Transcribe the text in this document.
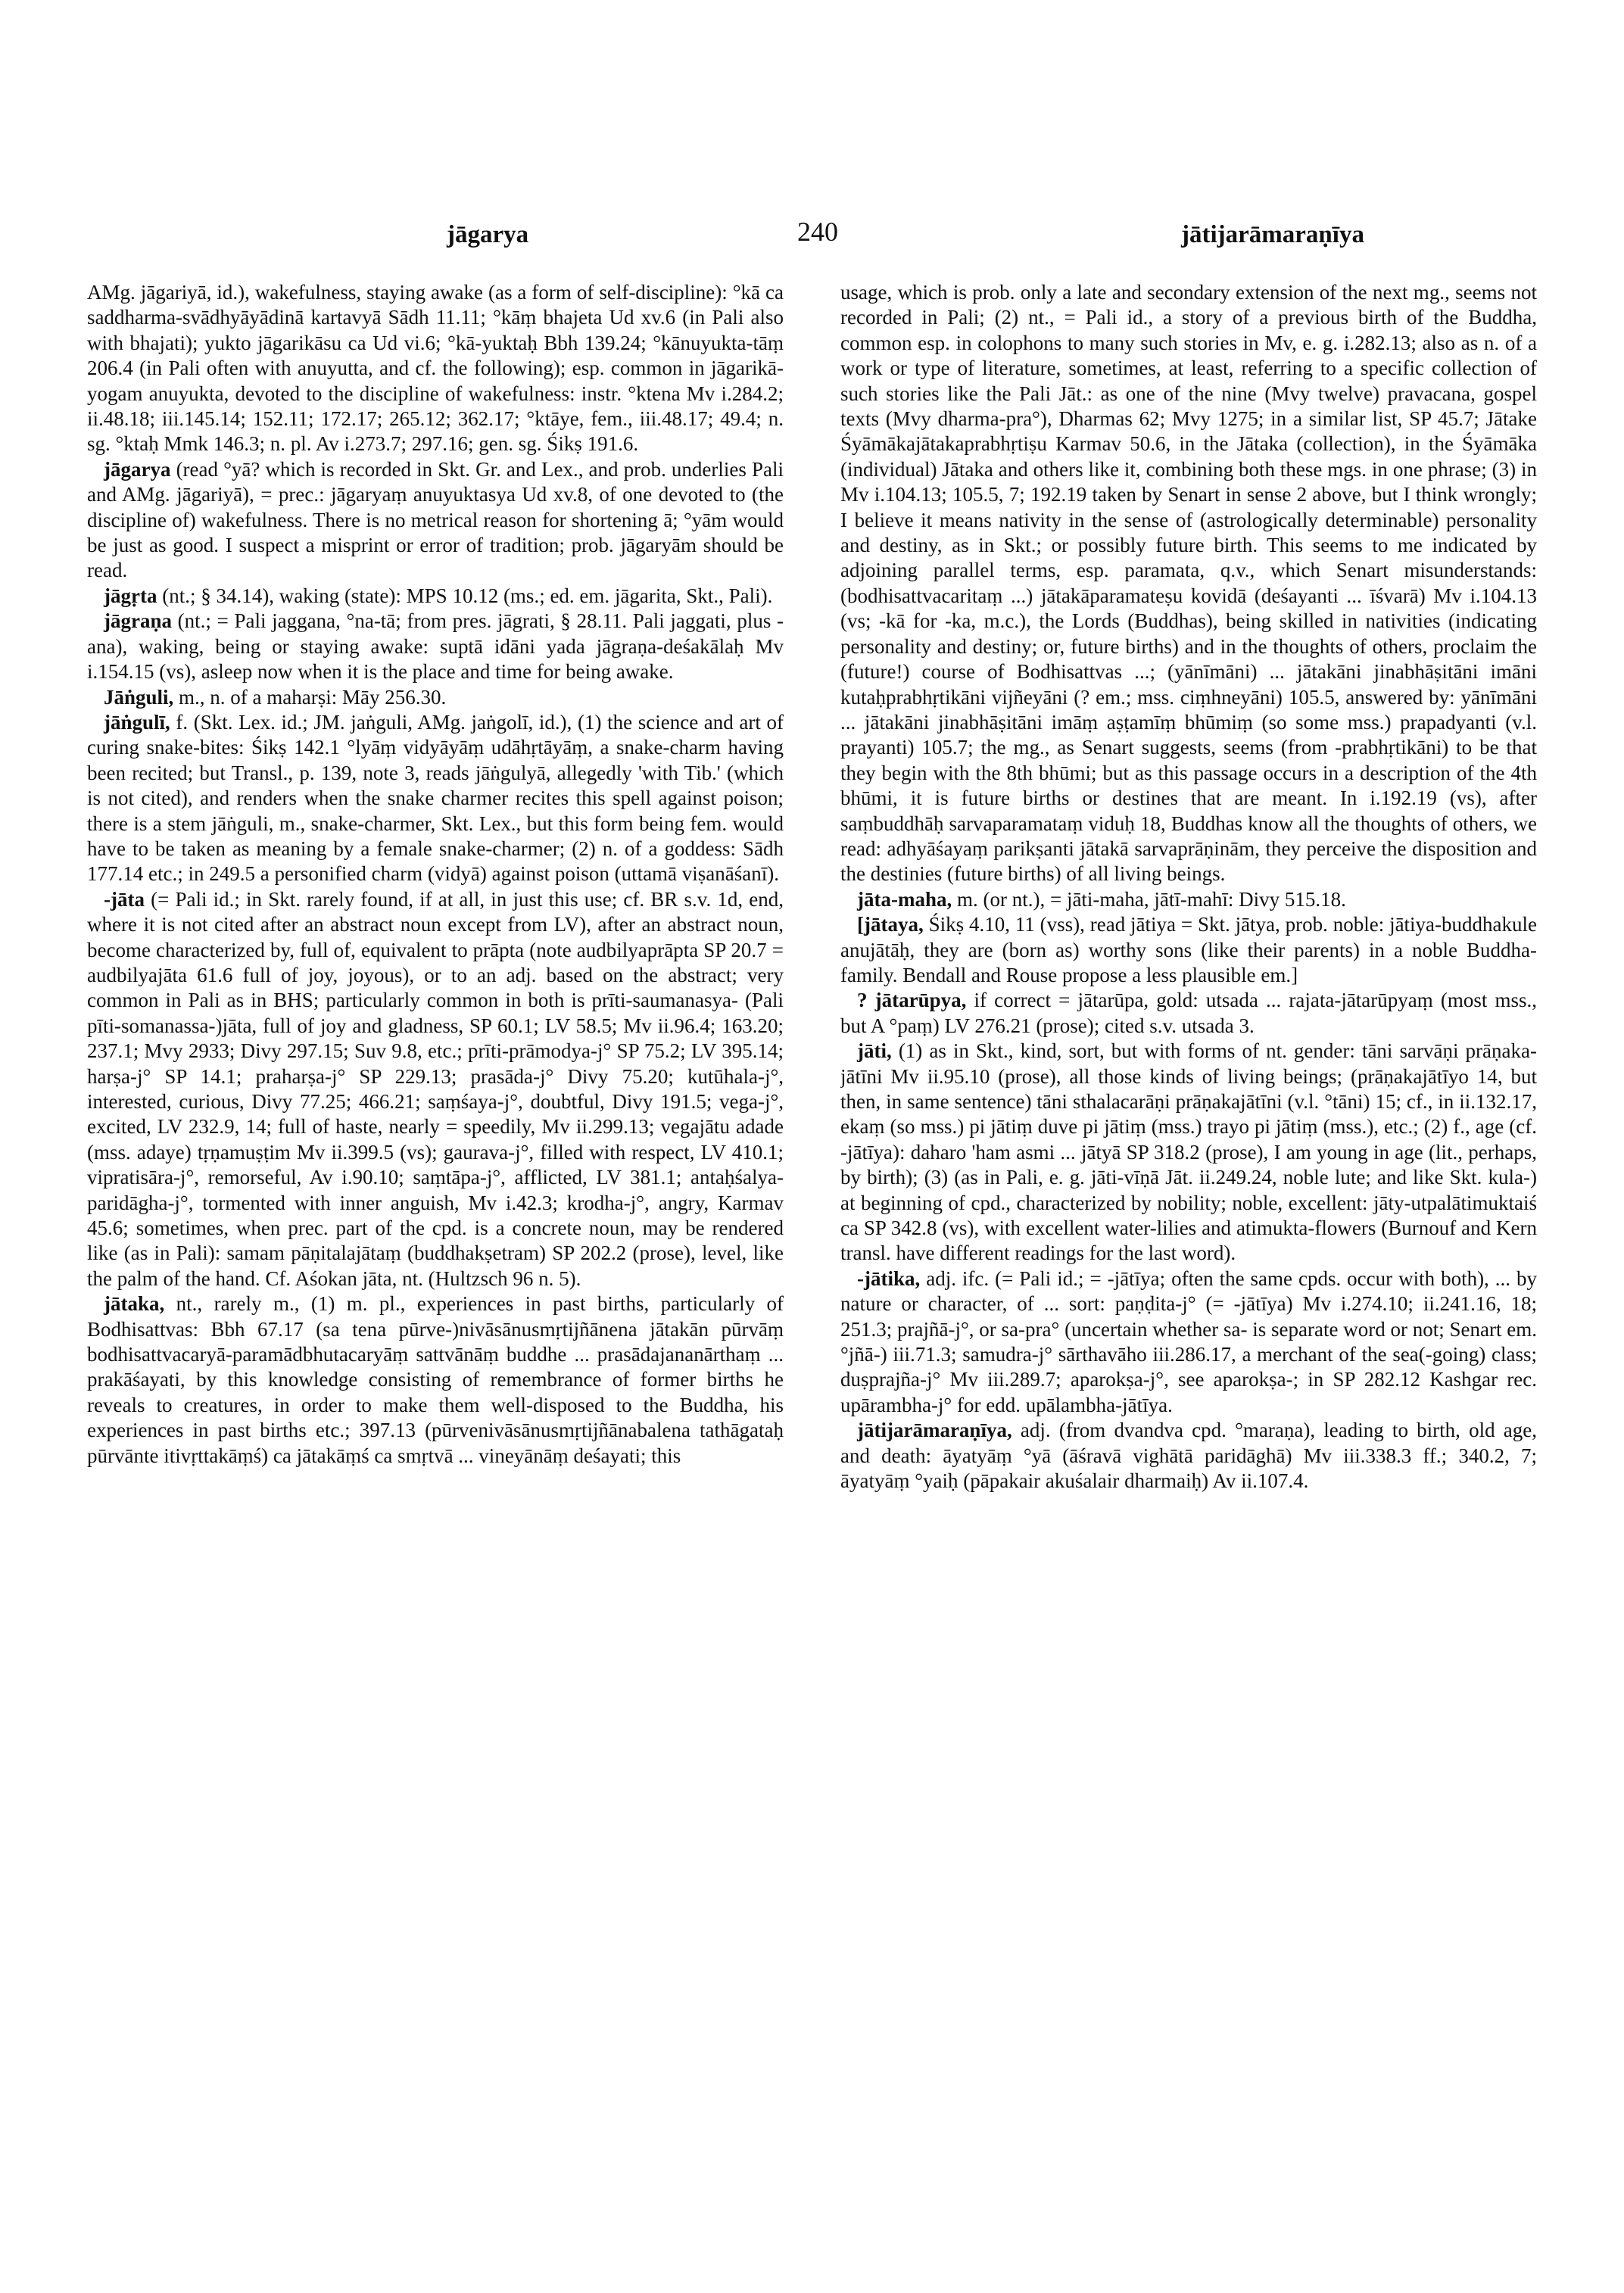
jāgarya	240	jātijarāmaraṇīya

AMg. jāgariyā, id.), wakefulness, staying awake (as a form of self-discipline): °kā ca saddharma-svādhyāyādinā kartavyā Sādh 11.11; °kāṃ bhajeta Ud xv.6 (in Pali also with bhajati); yukto jāgarikāsu ca Ud vi.6; °kā-yuktaḥ Bbh 139.24; °kānuyukta-tāṃ 206.4 (in Pali often with anuyutta, and cf. the following); esp. common in jāgarikā-yogam anuyukta, devoted to the discipline of wakefulness: instr. °ktena Mv i.284.2; ii.48.18; iii.145.14; 152.11; 172.17; 265.12; 362.17; °ktāye, fem., iii.48.17; 49.4; n. sg. °ktaḥ Mmk 146.3; n. pl. Av i.273.7; 297.16; gen. sg. Śikṣ 191.6.

jāgarya (read °yā? which is recorded in Skt. Gr. and Lex., and prob. underlies Pali and AMg. jāgariyā), = prec.: jāgaryaṃ anuyuktasya Ud xv.8, of one devoted to (the discipline of) wakefulness. There is no metrical reason for shortening ā; °yām would be just as good. I suspect a misprint or error of tradition; prob. jāgaryām should be read.

jāgṛta (nt.; § 34.14), waking (state): MPS 10.12 (ms.; ed. em. jāgarita, Skt., Pali).

jāgraṇa (nt.; = Pali jaggana, °na-tā; from pres. jāgrati, § 28.11. Pali jaggati, plus -ana), waking, being or staying awake: suptā idāni yada jāgraṇa-deśakālaḥ Mv i.154.15 (vs), asleep now when it is the place and time for being awake.

Jāṅguli, m., n. of a maharṣi: Māy 256.30.

jāṅgulī, f. (Skt. Lex. id.; JM. jaṅguli, AMg. jaṅgolī, id.), (1) the science and art of curing snake-bites: Śikṣ 142.1 °lyāṃ vidyāyāṃ udāhṛtāyāṃ, a snake-charm having been recited; but Transl., p. 139, note 3, reads jāṅgulyā, allegedly 'with Tib.' (which is not cited), and renders when the snake charmer recites this spell against poison; there is a stem jāṅguli, m., snake-charmer, Skt. Lex., but this form being fem. would have to be taken as meaning by a female snake-charmer; (2) n. of a goddess: Sādh 177.14 etc.; in 249.5 a personified charm (vidyā) against poison (uttamā viṣanāśanī).

-jāta (= Pali id.; in Skt. rarely found, if at all, in just this use; cf. BR s.v. 1d, end, where it is not cited after an abstract noun except from LV), after an abstract noun, become characterized by, full of, equivalent to prāpta (note audbilyaprāpta SP 20.7 = audbilyajāta 61.6 full of joy, joyous), or to an adj. based on the abstract; very common in Pali as in BHS; particularly common in both is prīti-saumanasya- (Pali pīti-somanassa-)jāta, full of joy and gladness, SP 60.1; LV 58.5; Mv ii.96.4; 163.20; 237.1; Mvy 2933; Divy 297.15; Suv 9.8, etc.; prīti-prāmodya-j° SP 75.2; LV 395.14; harṣa-j° SP 14.1; praharṣa-j° SP 229.13; prasāda-j° Divy 75.20; kutūhala-j°, interested, curious, Divy 77.25; 466.21; saṃśaya-j°, doubtful, Divy 191.5; vega-j°, excited, LV 232.9, 14; full of haste, nearly = speedily, Mv ii.299.13; vegajātu adade (mss. adaye) tṛṇamuṣṭim Mv ii.399.5 (vs); gaurava-j°, filled with respect, LV 410.1; vipratisāra-j°, remorseful, Av i.90.10; saṃtāpa-j°, afflicted, LV 381.1; antaḥśalya-paridāgha-j°, tormented with inner anguish, Mv i.42.3; krodha-j°, angry, Karmav 45.6; sometimes, when prec. part of the cpd. is a concrete noun, may be rendered like (as in Pali): samam pāṇitalajātaṃ (buddhakṣetram) SP 202.2 (prose), level, like the palm of the hand. Cf. Aśokan jāta, nt. (Hultzsch 96 n. 5).

jātaka, nt., rarely m., (1) m. pl., experiences in past births, particularly of Bodhisattvas: Bbh 67.17 (sa tena pūrve-)nivāsānusmṛtijñānena jātakān pūrvāṃ bodhisattvacaryā-paramādbhutacaryāṃ sattvānāṃ buddhe ... prasādajananārthaṃ ... prakāśayati, by this knowledge consisting of remembrance of former births he reveals to creatures, in order to make them well-disposed to the Buddha, his experiences in past births etc.; 397.13 (pūrvenivāsānusmṛtijñānabalena tathāgataḥ pūrvānte itivṛttakāṃś) ca jātakāṃś ca smṛtvā ... vineyānāṃ deśayati; this

usage, which is prob. only a late and secondary extension of the next mg., seems not recorded in Pali; (2) nt., = Pali id., a story of a previous birth of the Buddha, common esp. in colophons to many such stories in Mv, e. g. i.282.13; also as n. of a work or type of literature, sometimes, at least, referring to a specific collection of such stories like the Pali Jāt.: as one of the nine (Mvy twelve) pravacana, gospel texts (Mvy dharma-pra°), Dharmas 62; Mvy 1275; in a similar list, SP 45.7; Jātake Śyāmākajātakaprabhṛtiṣu Karmav 50.6, in the Jātaka (collection), in the Śyāmāka (individual) Jātaka and others like it, combining both these mgs. in one phrase; (3) in Mv i.104.13; 105.5, 7; 192.19 taken by Senart in sense 2 above, but I think wrongly; I believe it means nativity in the sense of (astrologically determinable) personality and destiny, as in Skt.; or possibly future birth. This seems to me indicated by adjoining parallel terms, esp. paramata, q.v., which Senart misunderstands: (bodhisattvacaritaṃ ...) jātakāparamateṣu kovidā (deśayanti ... īśvarā) Mv i.104.13 (vs; -kā for -ka, m.c.), the Lords (Buddhas), being skilled in nativities (indicating personality and destiny; or, future births) and in the thoughts of others, proclaim the (future!) course of Bodhisattvas ...; (yānīmāni) ... jātakāni jinabhāṣitāni imāni kutaḥprabhṛtikāni vijñeyāni (? em.; mss. ciṃhneyāni) 105.5, answered by: yānīmāni ... jātakāni jinabhāṣitāni imāṃ aṣṭamīṃ bhūmiṃ (so some mss.) prapadyanti (v.l. prayanti) 105.7; the mg., as Senart suggests, seems (from -prabhṛtikāni) to be that they begin with the 8th bhūmi; but as this passage occurs in a description of the 4th bhūmi, it is future births or destines that are meant. In i.192.19 (vs), after saṃbuddhāḥ sarvaparamataṃ viduḥ 18, Buddhas know all the thoughts of others, we read: adhyāśayaṃ parikṣanti jātakā sarvaprāṇinām, they perceive the disposition and the destinies (future births) of all living beings.

jāta-maha, m. (or nt.), = jāti-maha, jātī-mahī: Divy 515.18.

[jātaya, Śikṣ 4.10, 11 (vss), read jātiya = Skt. jātya, prob. noble: jātiya-buddhakule anujātāḥ, they are (born as) worthy sons (like their parents) in a noble Buddha-family. Bendall and Rouse propose a less plausible em.]

? jātarūpya, if correct = jātarūpa, gold: utsada ... rajata-jātarūpyaṃ (most mss., but A °paṃ) LV 276.21 (prose); cited s.v. utsada 3.

jāti, (1) as in Skt., kind, sort, but with forms of nt. gender: tāni sarvāṇi prāṇaka-jātīni Mv ii.95.10 (prose), all those kinds of living beings; (prāṇakajātīyo 14, but then, in same sentence) tāni sthalacarāṇi prāṇakajātīni (v.l. °tāni) 15; cf., in ii.132.17, ekaṃ (so mss.) pi jātiṃ duve pi jātiṃ (mss.) trayo pi jātiṃ (mss.), etc.; (2) f., age (cf. -jātīya): daharo 'ham asmi ... jātyā SP 318.2 (prose), I am young in age (lit., perhaps, by birth); (3) (as in Pali, e. g. jāti-vīṇā Jāt. ii.249.24, noble lute; and like Skt. kula-) at beginning of cpd., characterized by nobility; noble, excellent: jāty-utpalātimuktaiś ca SP 342.8 (vs), with excellent water-lilies and atimukta-flowers (Burnouf and Kern transl. have different readings for the last word).

-jātika, adj. ifc. (= Pali id.; = -jātīya; often the same cpds. occur with both), ... by nature or character, of ... sort: paṇḍita-j° (= -jātīya) Mv i.274.10; ii.241.16, 18; 251.3; prajñā-j°, or sa-pra° (uncertain whether sa- is separate word or not; Senart em. °jñā-) iii.71.3; samudra-j° sārthavāho iii.286.17, a merchant of the sea(-going) class; duṣprajña-j° Mv iii.289.7; aparokṣa-j°, see aparokṣa-; in SP 282.12 Kashgar rec. upārambha-j° for edd. upālambha-jātīya.

jātijarāmaraṇīya, adj. (from dvandva cpd. °maraṇa), leading to birth, old age, and death: āyatyāṃ °yā (āśravā vighātā paridāghā) Mv iii.338.3 ff.; 340.2, 7; āyatyāṃ °yaiḥ (pāpakair akuśalair dharmaiḥ) Av ii.107.4.
